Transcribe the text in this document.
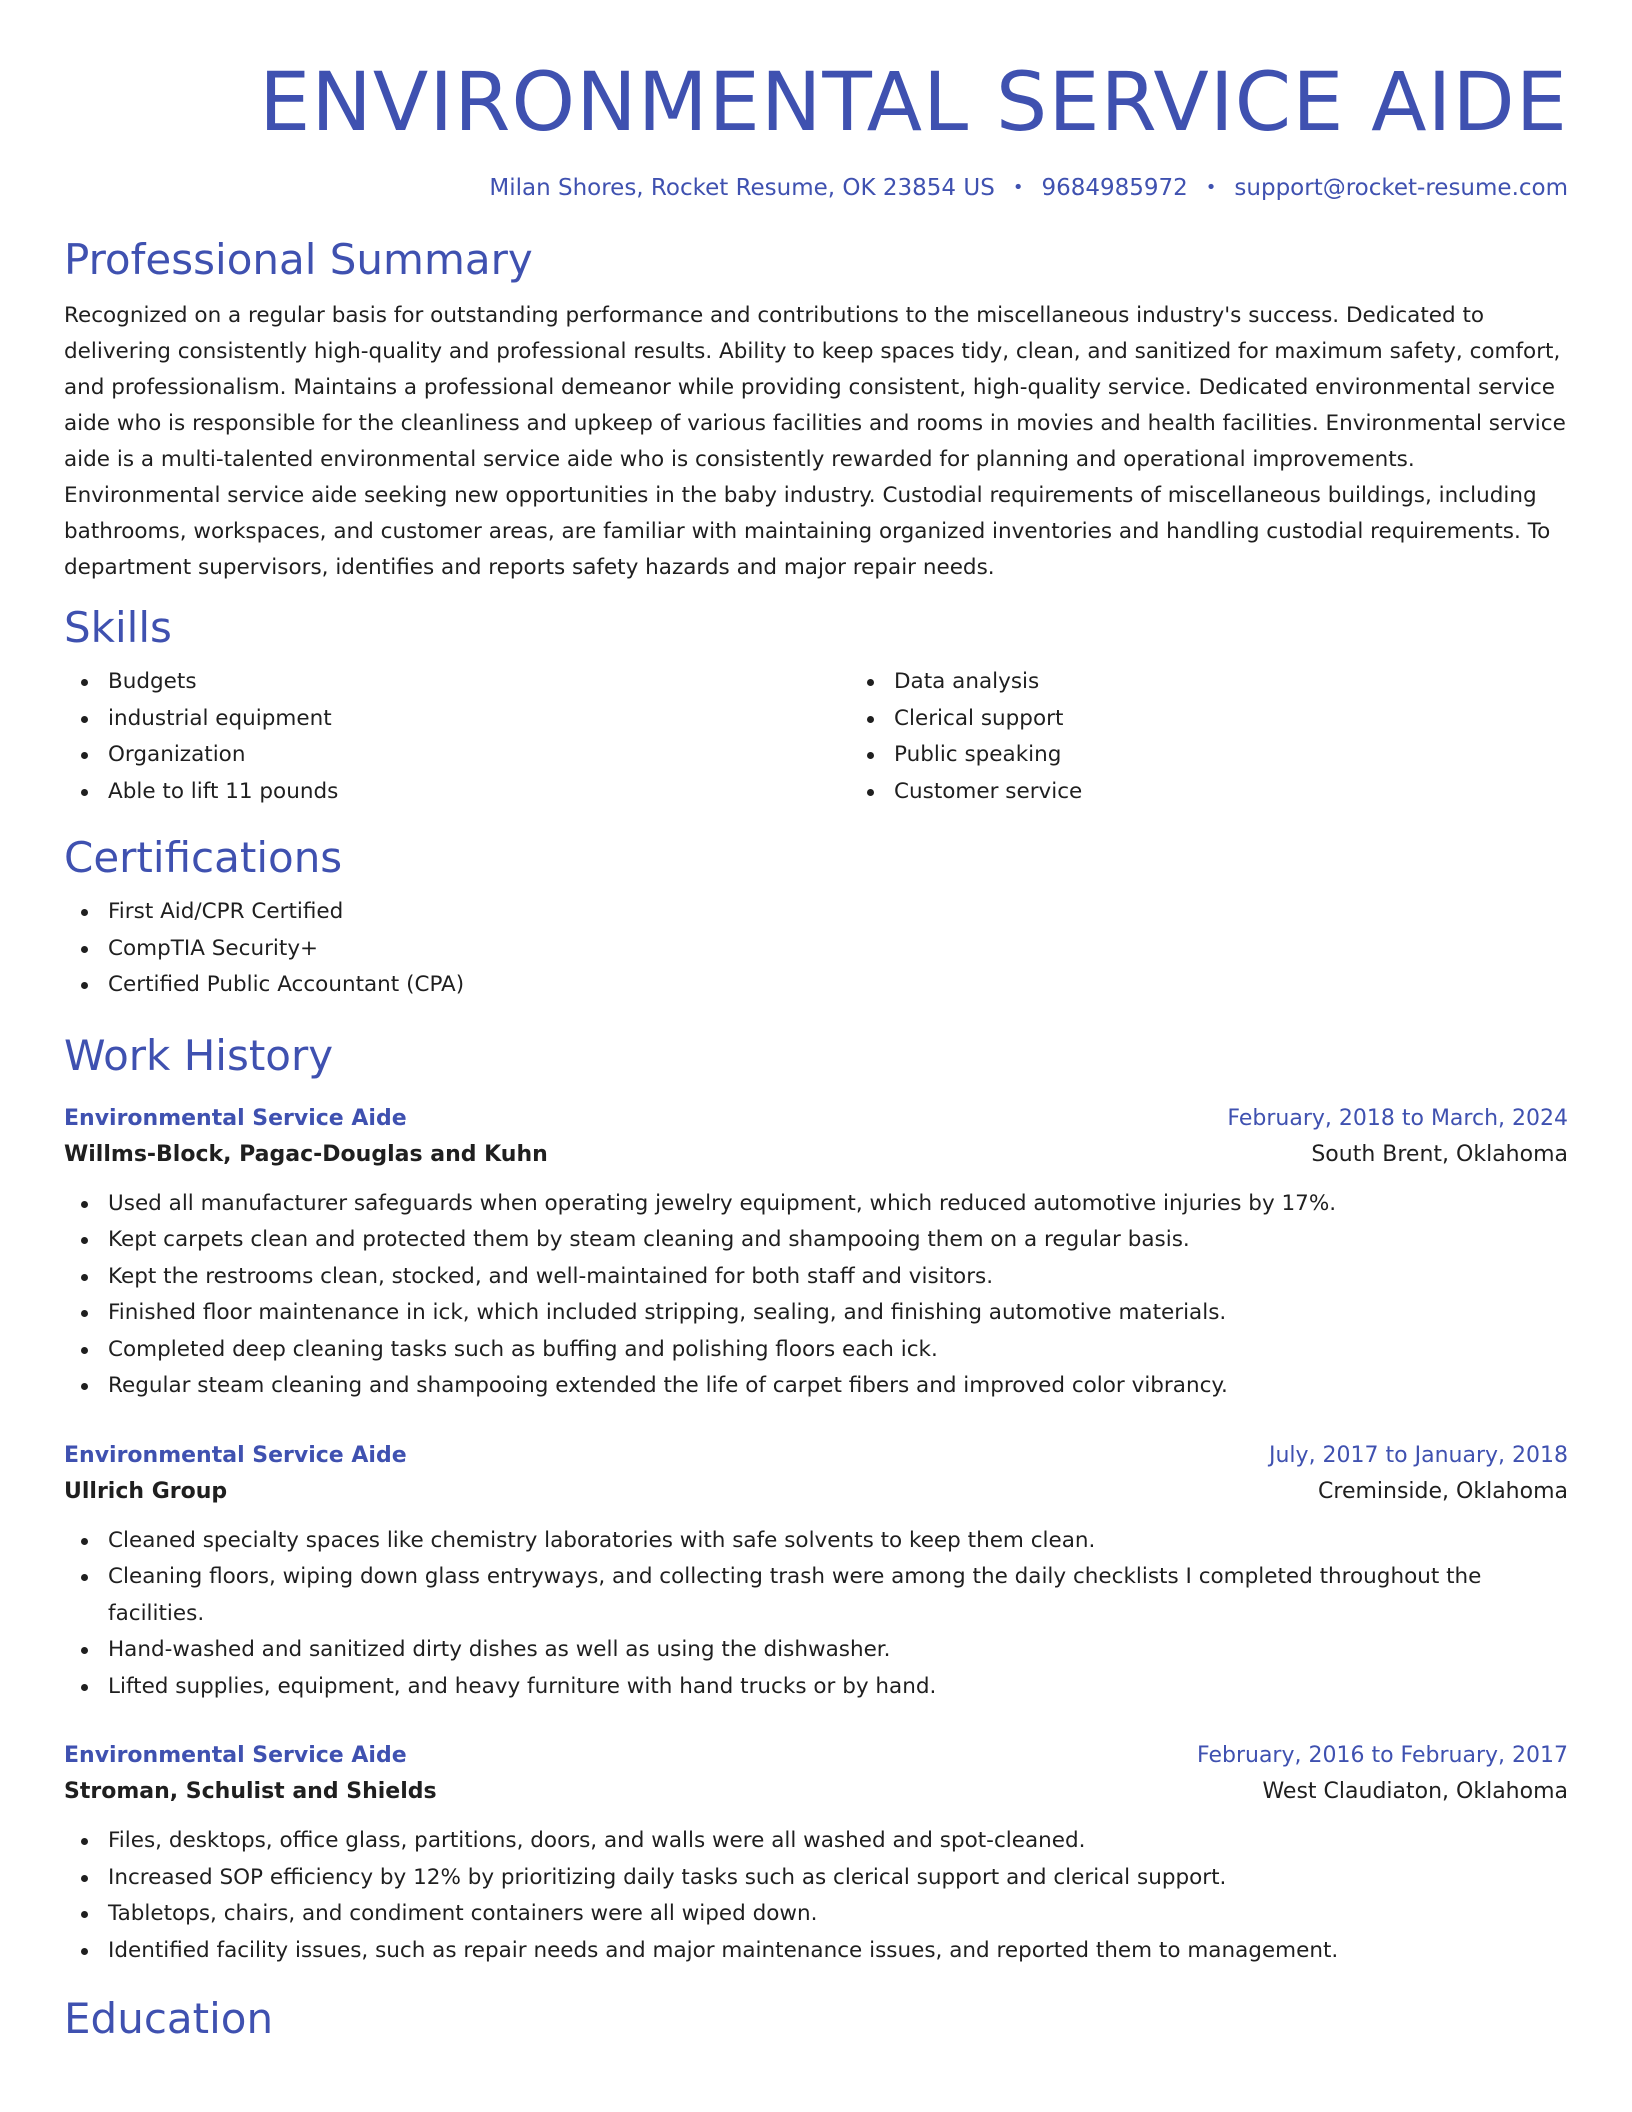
ENVIRONMENTAL SERVICE AIDE
Milan Shores, Rocket Resume, OK 23854 US • 9684985972 • support@rocket-resume.com
Professional Summary

Recognized on a regular basis for outstanding performance and contributions to the miscellaneous industry's success. Dedicated to delivering consistently high-quality and professional results. Ability to keep spaces tidy, clean, and sanitized for maximum safety, comfort, and professionalism. Maintains a professional demeanor while providing consistent, high-quality service. Dedicated environmental service aide who is responsible for the cleanliness and upkeep of various facilities and rooms in movies and health facilities. Environmental service aide is a multi-talented environmental service aide who is consistently rewarded for planning and operational improvements. Environmental service aide seeking new opportunities in the baby industry. Custodial requirements of miscellaneous buildings, including bathrooms, workspaces, and customer areas, are familiar with maintaining organized inventories and handling custodial requirements. To department supervisors, identifies and reports safety hazards and major repair needs.

Skills
Budgets
industrial equipment
Organization
Able to lift 11 pounds
Data analysis
Clerical support
Public speaking
Customer service
Certifications
First Aid/CPR Certified
CompTIA Security+
Certified Public Accountant (CPA)
Work History
Environmental Service Aide	February, 2018 to March, 2024
Willms-Block, Pagac-Douglas and Kuhn	South Brent, Oklahoma
Used all manufacturer safeguards when operating jewelry equipment, which reduced automotive injuries by 17%.
Kept carpets clean and protected them by steam cleaning and shampooing them on a regular basis.
Kept the restrooms clean, stocked, and well-maintained for both staff and visitors.
Finished floor maintenance in ick, which included stripping, sealing, and finishing automotive materials.
Completed deep cleaning tasks such as buffing and polishing floors each ick.
Regular steam cleaning and shampooing extended the life of carpet fibers and improved color vibrancy.
Environmental Service Aide	July, 2017 to January, 2018
Ullrich Group	Creminside, Oklahoma
Cleaned specialty spaces like chemistry laboratories with safe solvents to keep them clean.
Cleaning floors, wiping down glass entryways, and collecting trash were among the daily checklists I completed throughout the facilities.
Hand-washed and sanitized dirty dishes as well as using the dishwasher.
Lifted supplies, equipment, and heavy furniture with hand trucks or by hand.
Environmental Service Aide	February, 2016 to February, 2017
Stroman, Schulist and Shields	West Claudiaton, Oklahoma
Files, desktops, office glass, partitions, doors, and walls were all washed and spot-cleaned.
Increased SOP efficiency by 12% by prioritizing daily tasks such as clerical support and clerical support.
Tabletops, chairs, and condiment containers were all wiped down.
Identified facility issues, such as repair needs and major maintenance issues, and reported them to management.
Education
